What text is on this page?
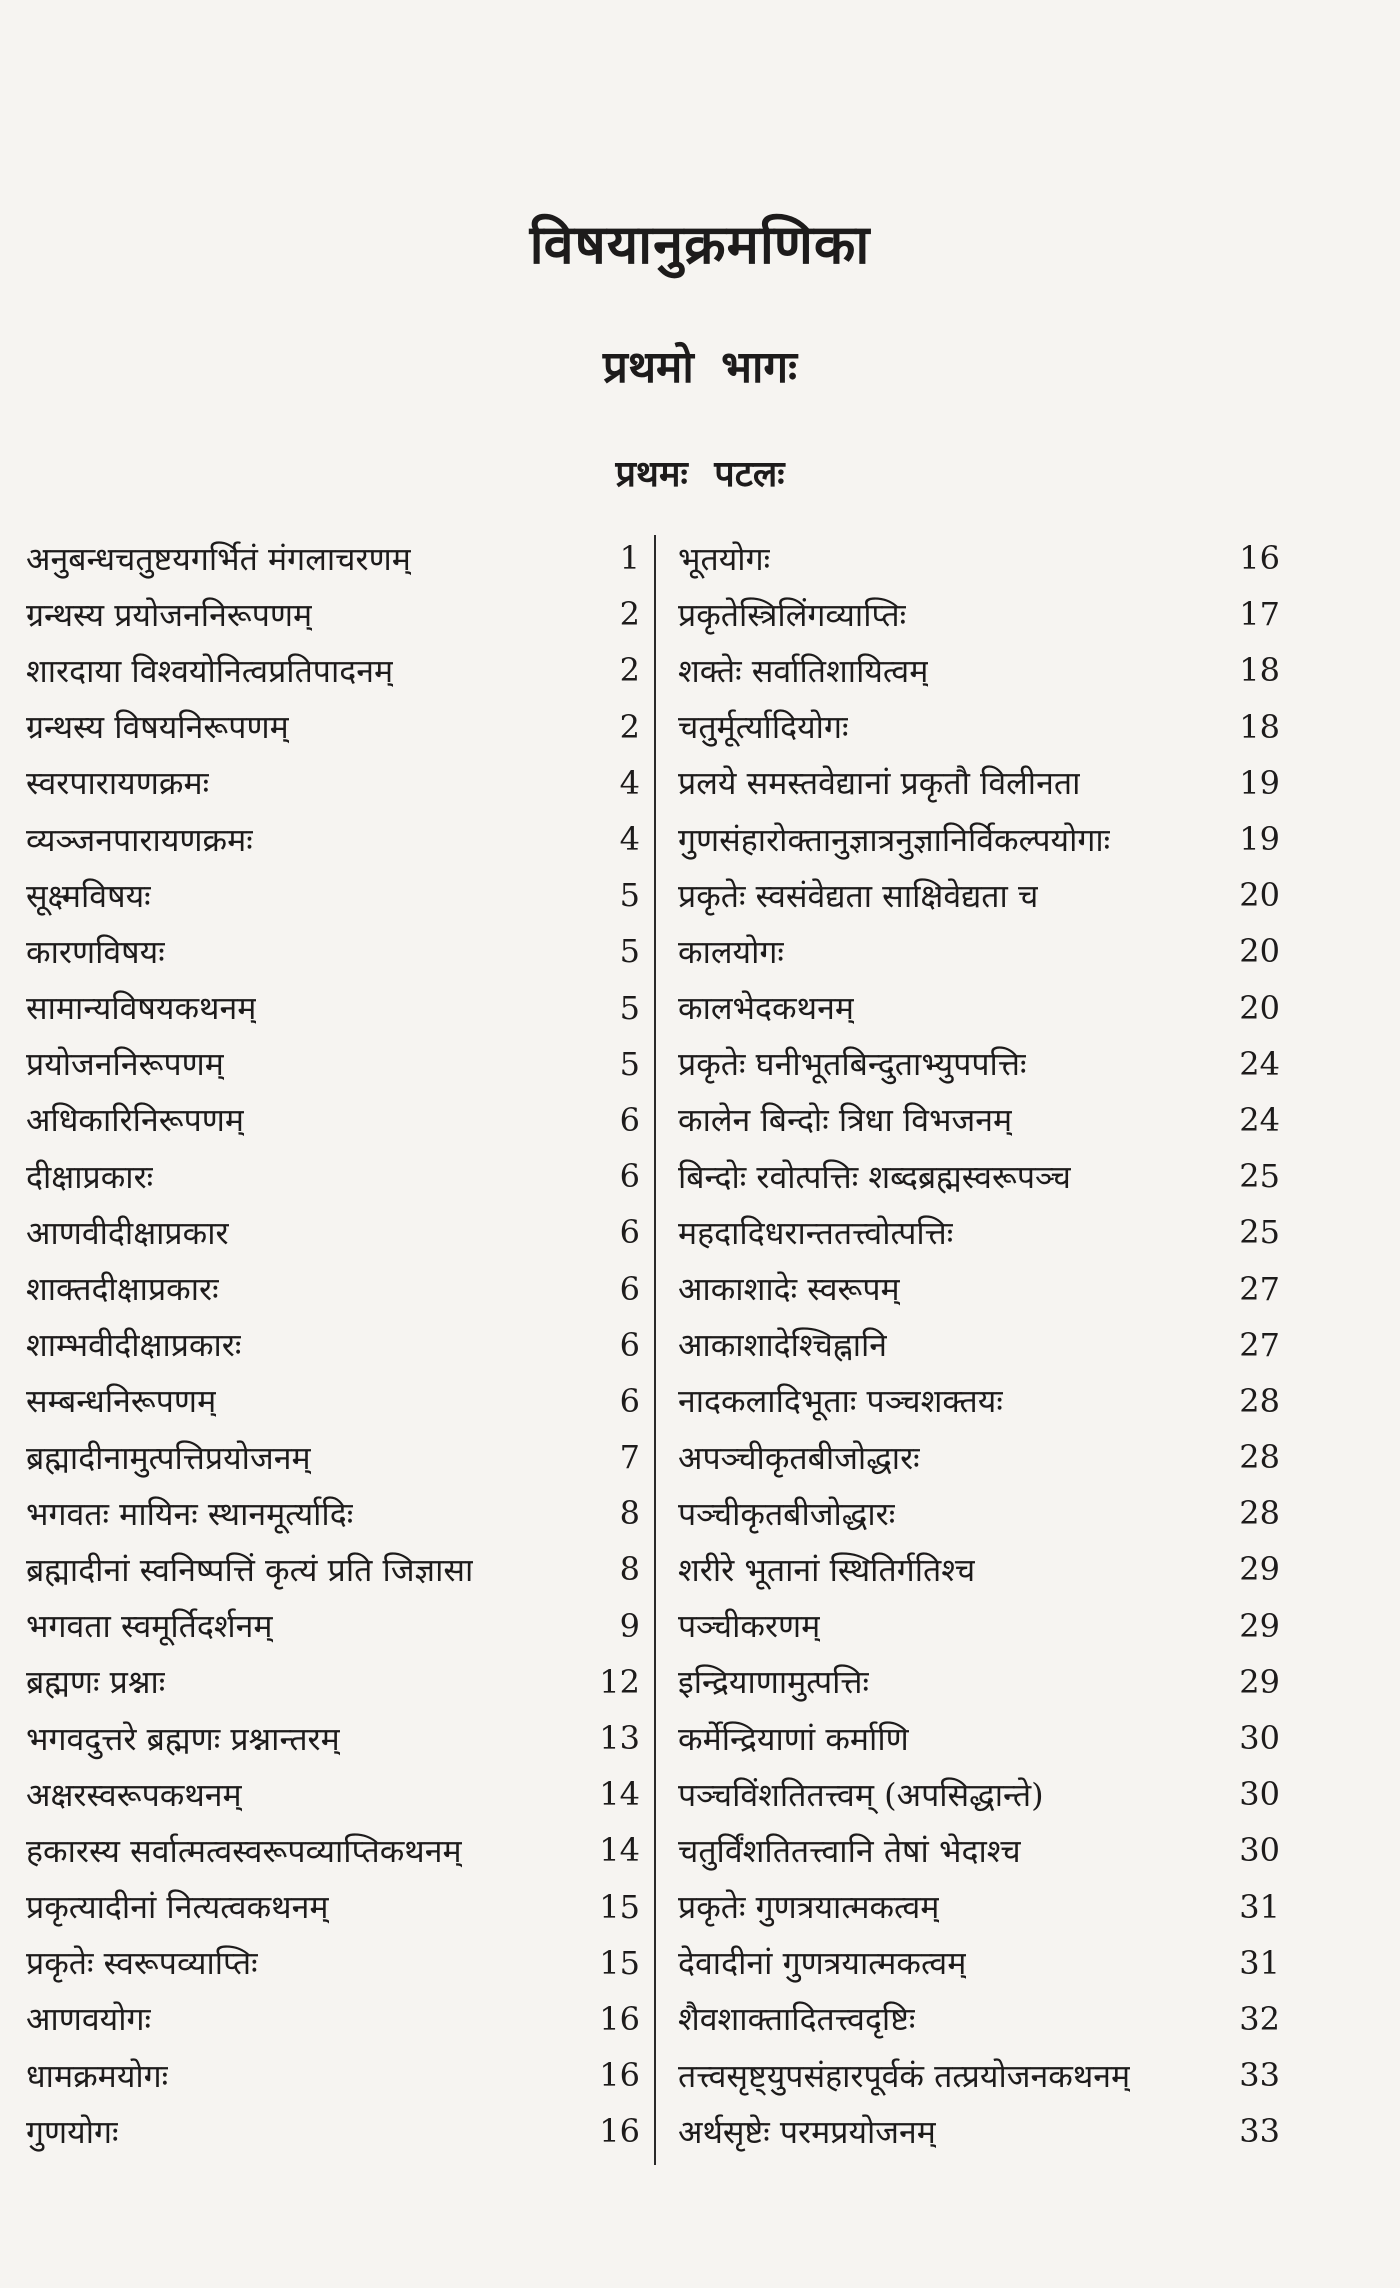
विषयानुक्रमणिका
प्रथमो भागः
प्रथमः पटलः
अनुबन्धचतुष्टयगर्भितं मंगलाचरणम्	1
ग्रन्थस्य प्रयोजननिरूपणम्	2
शारदाया विश्वयोनित्वप्रतिपादनम्	2
ग्रन्थस्य विषयनिरूपणम्	2
स्वरपारायणक्रमः	4
व्यञ्जनपारायणक्रमः	4
सूक्ष्मविषयः	5
कारणविषयः	5
सामान्यविषयकथनम्	5
प्रयोजननिरूपणम्	5
अधिकारिनिरूपणम्	6
दीक्षाप्रकारः	6
आणवीदीक्षाप्रकार	6
शाक्तदीक्षाप्रकारः	6
शाम्भवीदीक्षाप्रकारः	6
सम्बन्धनिरूपणम्	6
ब्रह्मादीनामुत्पत्तिप्रयोजनम्	7
भगवतः मायिनः स्थानमूर्त्यादिः	8
ब्रह्मादीनां स्वनिष्पत्तिं कृत्यं प्रति जिज्ञासा	8
भगवता स्वमूर्तिदर्शनम्	9
ब्रह्मणः प्रश्नाः	12
भगवदुत्तरे ब्रह्मणः प्रश्नान्तरम्	13
अक्षरस्वरूपकथनम्	14
हकारस्य सर्वात्मत्वस्वरूपव्याप्तिकथनम्	14
प्रकृत्यादीनां नित्यत्वकथनम्	15
प्रकृतेः स्वरूपव्याप्तिः	15
आणवयोगः	16
धामक्रमयोगः	16
गुणयोगः	16
भूतयोगः	16
प्रकृतेस्त्रिलिंगव्याप्तिः	17
शक्तेः सर्वातिशायित्वम्	18
चतुर्मूर्त्यादियोगः	18
प्रलये समस्तवेद्यानां प्रकृतौ विलीनता	19
गुणसंहारोक्तानुज्ञात्रनुज्ञानिर्विकल्पयोगाः	19
प्रकृतेः स्वसंवेद्यता साक्षिवेद्यता च	20
कालयोगः	20
कालभेदकथनम्	20
प्रकृतेः घनीभूतबिन्दुताभ्युपपत्तिः	24
कालेन बिन्दोः त्रिधा विभजनम्	24
बिन्दोः रवोत्पत्तिः शब्दब्रह्मस्वरूपञ्च	25
महदादिधरान्ततत्त्वोत्पत्तिः	25
आकाशादेः स्वरूपम्	27
आकाशादेश्चिह्नानि	27
नादकलादिभूताः पञ्चशक्तयः	28
अपञ्चीकृतबीजोद्धारः	28
पञ्चीकृतबीजोद्धारः	28
शरीरे भूतानां स्थितिर्गतिश्च	29
पञ्चीकरणम्	29
इन्द्रियाणामुत्पत्तिः	29
कर्मेन्द्रियाणां कर्माणि	30
पञ्चविंशतितत्त्वम् (अपसिद्धान्ते)	30
चतुर्विंशतितत्त्वानि तेषां भेदाश्च	30
प्रकृतेः गुणत्रयात्मकत्वम्	31
देवादीनां गुणत्रयात्मकत्वम्	31
शैवशाक्तादितत्त्वदृष्टिः	32
तत्त्वसृष्ट्युपसंहारपूर्वकं तत्प्रयोजनकथनम्	33
अर्थसृष्टेः परमप्रयोजनम्	33
